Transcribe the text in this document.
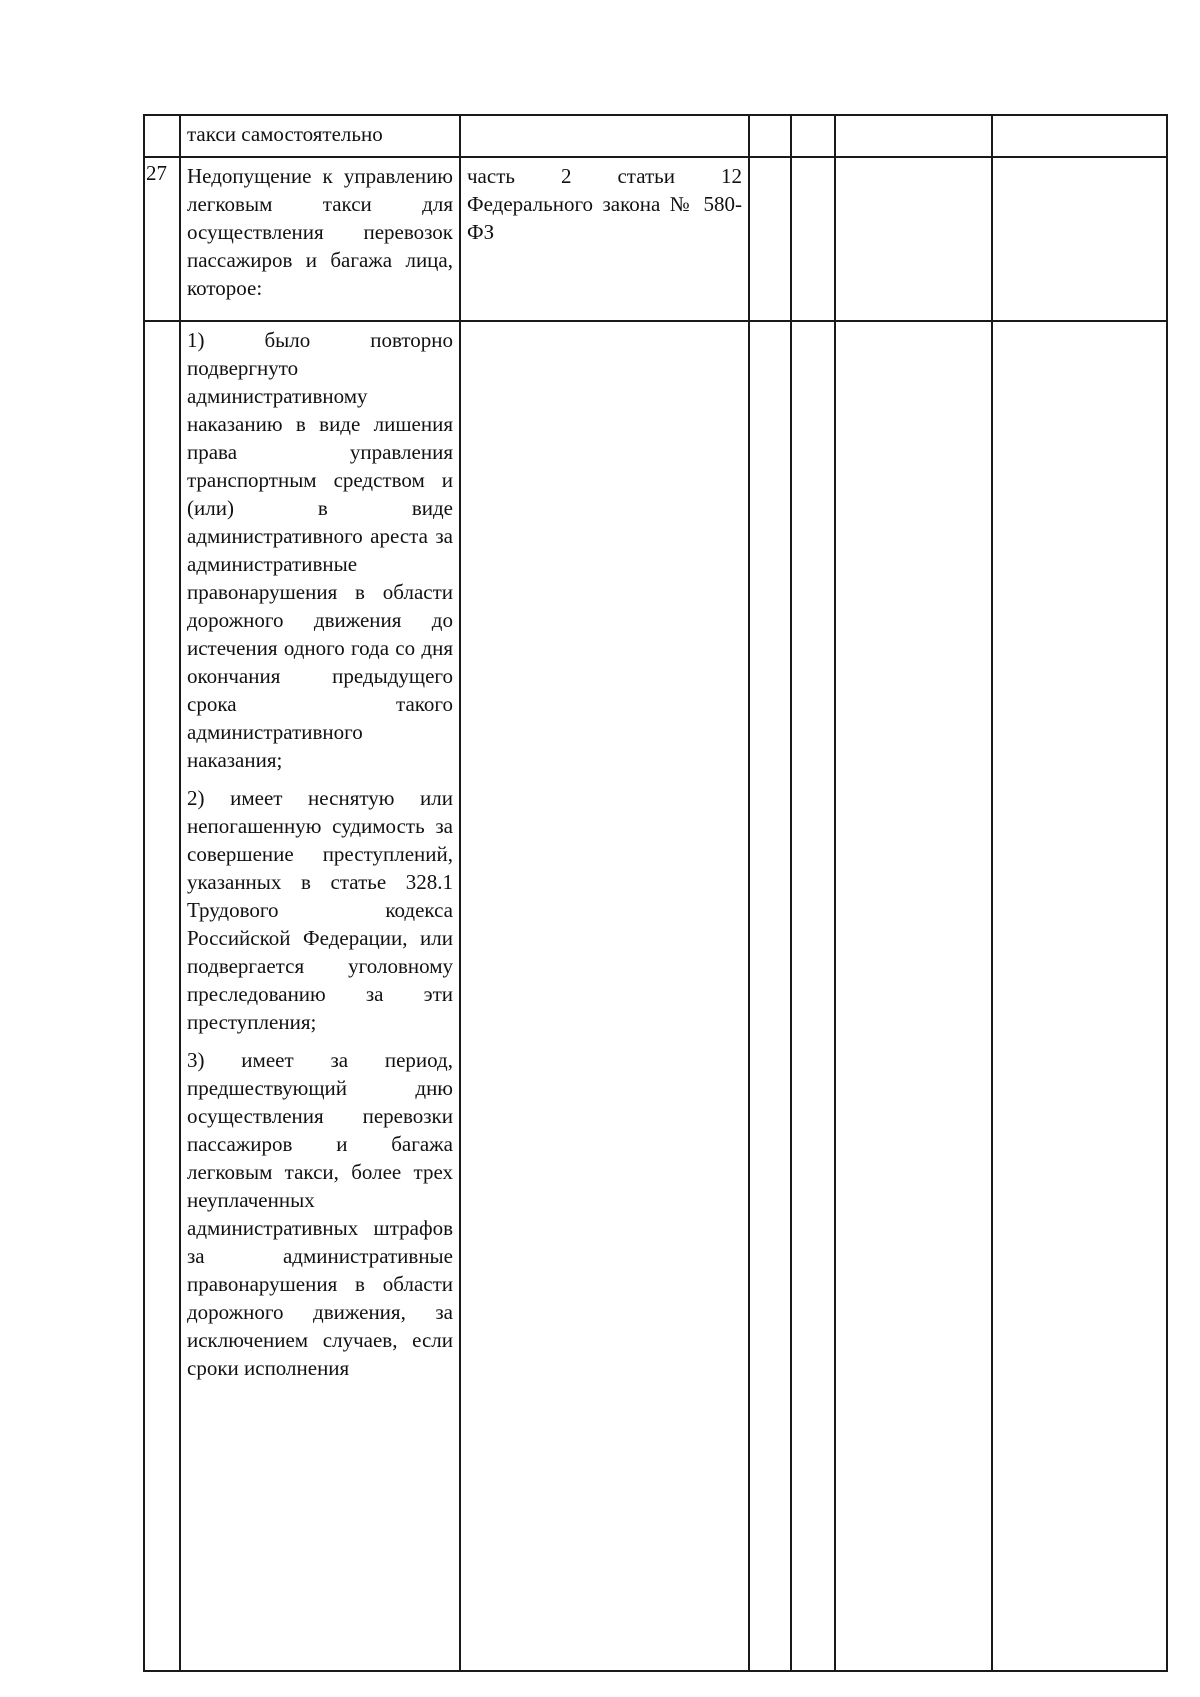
	такси самостоятельно					

27	Недопущение к управлению легковым такси для осуществления перевозок пассажиров и багажа лица, которое:	часть 2 статьи 12 Федерального закона № 580-ФЗ				

	1) было повторно подвергнуто административному наказанию в виде лишения права управления транспортным средством и (или) в виде административного ареста за административные правонарушения в области дорожного движения до истечения одного года со дня окончания предыдущего срока такого административного наказания;

2) имеет неснятую или непогашенную судимость за совершение преступлений, указанных в статье 328.1 Трудового кодекса Российской Федерации, или подвергается уголовному преследованию за эти преступления;

3) имеет за период, предшествующий дню осуществления перевозки пассажиров и багажа легковым такси, более трех неуплаченных административных штрафов за административные правонарушения в области дорожного движения, за исключением случаев, если сроки исполнения					
